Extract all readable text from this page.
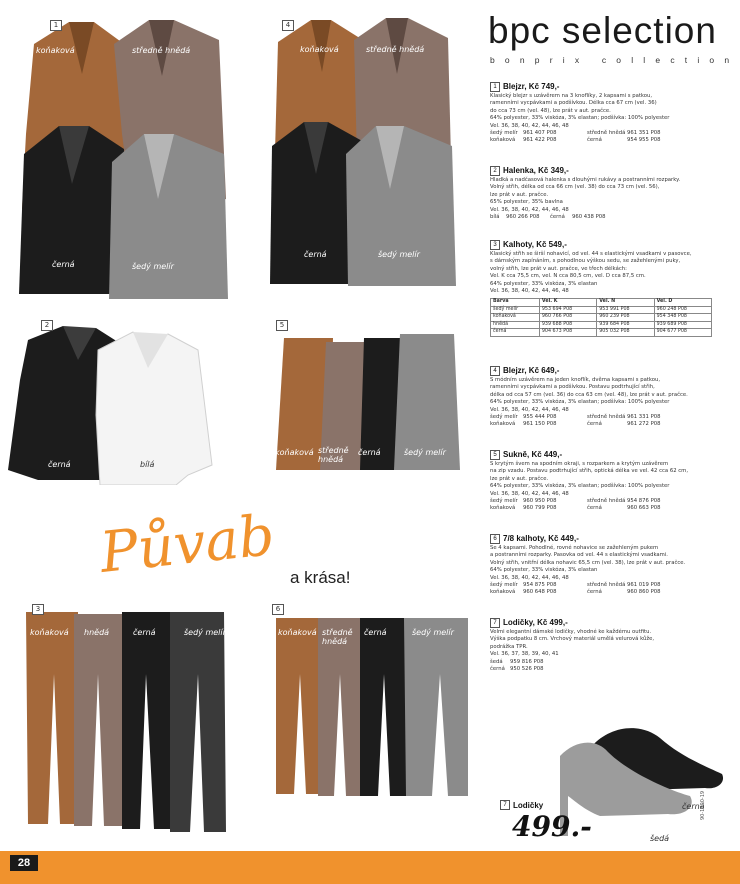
bpc selection
bonprix collection
1
koňaková	středně hnědá
černá	šedý melír
4
koňaková	středně hnědá
černá	šedý melír
2
černá	bílá
5
koňaková středně hnědá
černá	šedý melír
Půvab a krása!
3
koňaková hnědá	černá	šedý melír
6
koňaková středně hnědá
černá	šedý melír
7 Lodičky
499.-
černá
šedá
1 Blejzr, Kč 749,-

Klasický blejzr s uzávěrem na 3 knoflíky, 2 kapsami s patkou,

ramenními vycpávkami a podšívkou. Délka cca 67 cm (vel. 36)

do cca 73 cm (vel. 48), lze prát v aut. pračce.

64% polyester, 33% viskóza, 3% elastan; podšívka: 100% polyester

Vel. 36, 38, 40, 42, 44, 46, 48

šedý melír 961 407 P08	středně hnědá 961 351 P08
koňaková	961 422 P08	černá	954 955 P08
2 Halenka, Kč 349,-

Hladká a nadčasová halenka s dlouhými rukávy a postranními rozparky.

Volný střih, délka od cca 66 cm (vel. 38) do cca 73 cm (vel. 56),

lze prát v aut. pračce.

65% polyester, 35% bavlna

Vel. 36, 38, 40, 42, 44, 46, 48

bílá	960 266 P08	černá	960 438 P08
3 Kalhoty, Kč 549,-

Klasický střih se širší nohavicí, od vel. 44 s elastickými vsadkami v pasovce,

s dámským zapínáním, s pohodlnou výškou sedu, se zažehlenými puky,

volný střih, lze prát v aut. pračce, ve třech délkách:

Vel. K cca 75,5 cm, vel. N cca 80,5 cm, vel. D cca 87,5 cm.

64% polyester, 33% viskóza, 3% elastan

Vel. 36, 38, 40, 42, 44, 46, 48

Barva	Vel. K	Vel. N	Vel. D
šedý melír	953 694 P08	953 991 P08	960 248 P08
koňaková	960 766 P08	960 239 P08	954 348 P08
hnědá	939 688 P08	939 684 P08	939 689 P08
černá	904 673 P08	905 032 P08	904 677 P08
4 Blejzr, Kč 649,-

S módním uzávěrem na jeden knoflík, dvěma kapsami s patkou,

ramenními vycpávkami a podšívkou. Postavu podtrhující střih,

délka od cca 57 cm (vel. 36) do cca 63 cm (vel. 48), lze prát v aut. pračce.

64% polyester, 33% viskóza, 3% elastan; podšívka: 100% polyester

Vel. 36, 38, 40, 42, 44, 46, 48

šedý melír 955 444 P08	středně hnědá 961 331 P08
koňaková	961 150 P08	černá	961 272 P08
5 Sukně, Kč 449,-

S krytým švem na spodním okraji, s rozparkem a krytým uzávěrem

na zip vzadu. Postavu podtrhující střih, optická délka ve vel. 42 cca 62 cm,

lze prát v aut. pračce.

64% polyester, 33% viskóza, 3% elastan; podšívka: 100% polyester

Vel. 36, 38, 40, 42, 44, 46, 48

šedý melír 960 950 P08	středně hnědá 954 876 P08
koňaková	960 799 P08	černá	960 663 P08
6 7/8 kalhoty, Kč 449,-

Se 4 kapsami. Pohodlné, rovné nohavice se zažehleným pukem

a postranními rozparky. Pasovka od vel. 44 s elastickými vsadkami.

Volný střih, vnitřní délka nohavic 65,5 cm (vel. 38), lze prát v aut. pračce.

64% polyester, 33% viskóza, 3% elastan

Vel. 36, 38, 40, 42, 44, 46, 48

šedý melír 954 875 P08	středně hnědá 961 019 P08
koňaková	960 648 P08	černá	960 860 P08
7 Lodičky, Kč 499,-

Velmi elegantní dámské lodičky, vhodné ke každému outfitu.

Výška podpatku 8 cm. Vrchový materiál umělá velurová kůže,

podrážka TPR.

Vel. 36, 37, 38, 39, 40, 41

šedá	959 816 P08
černá 950 526 P08
90-1800-19
28
